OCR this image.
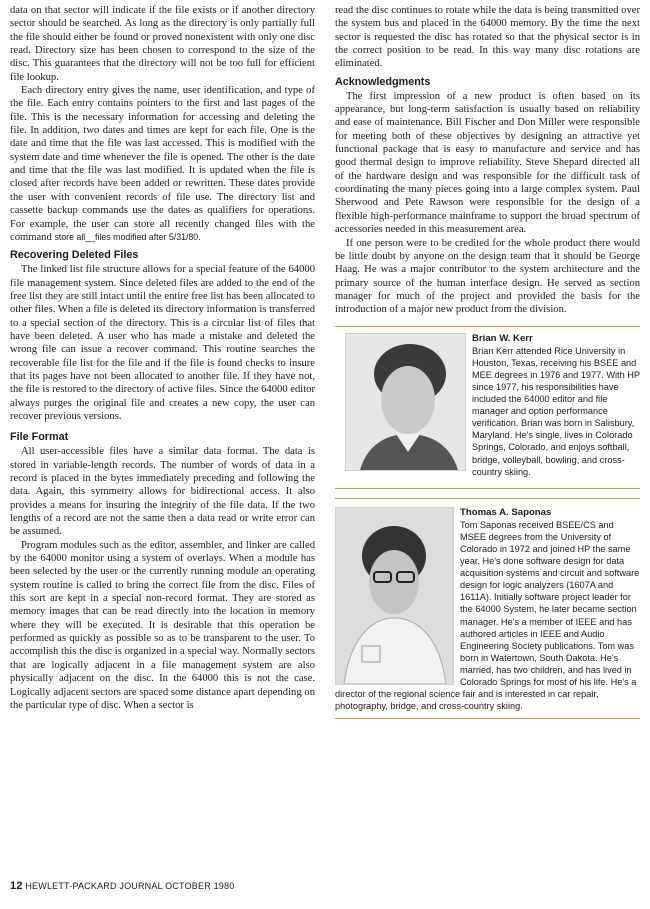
data on that sector will indicate if the file exists or if another directory sector should be searched. As long as the directory is only partially full the file should either be found or proved nonexistent with only one disc read. Directory size has been chosen to correspond to the size of the disc. This guarantees that the directory will not be too full for efficient file lookup.

Each directory entry gives the name, user identification, and type of the file. Each entry contains pointers to the first and last pages of the file. This is the necessary information for accessing and deleting the file. In addition, two dates and times are kept for each file. One is the date and time that the file was last accessed. This is modified with the system date and time whenever the file is opened. The other is the date and time that the file was last modified. It is updated when the file is closed after records have been added or rewritten. These dates provide the user with convenient records of file use. The directory list and cassette backup commands use the dates as qualifiers for operations. For example, the user can store all recently changed files with the command store all__files modified after 5/31/80.

Recovering Deleted Files

The linked list file structure allows for a special feature of the 64000 file management system. Since deleted files are added to the end of the free list they are still intact until the entire free list has been allocated to other files. When a file is deleted its directory information is transferred to a special section of the directory. This is a circular list of files that have been deleted. A user who has made a mistake and deleted the wrong file can issue a recover command. This routine searches the recoverable file list for the file and if the file is found checks to insure that its pages have not been allocated to another file. If they have not, the file is restored to the directory of active files. Since the 64000 editor always purges the original file and creates a new copy, the user can recover previous versions.

File Format

All user-accessible files have a similar data format. The data is stored in variable-length records. The number of words of data in a record is placed in the bytes immediately preceding and following the data. Again, this symmetry allows for bidirectional access. It also provides a means for insuring the integrity of the file data. If the two lengths of a record are not the same then a data read or write error can be assumed.

Program modules such as the editor, assembler, and linker are called by the 64000 monitor using a system of overlays. When a module has been selected by the user or the currently running module an operating system routine is called to bring the correct file from the disc. Files of this sort are kept in a special non-record format. They are stored as memory images that can be read directly into the location in memory where they will be executed. It is desirable that this operation be performed as quickly as possible so as to be transparent to the user. To accomplish this the disc is organized in a special way. Normally sectors that are logically adjacent in a file management system are also physically adjacent on the disc. In the 64000 this is not the case. Logically adjacent sectors are spaced some distance apart depending on the particular type of disc. When a sector is

read the disc continues to rotate while the data is being transmitted over the system bus and placed in the 64000 memory. By the time the next sector is requested the disc has rotated so that the physical sector is in the correct position to be read. In this way many disc rotations are eliminated.

Acknowledgments

The first impression of a new product is often based on its appearance, but long-term satisfaction is usually based on reliability and ease of maintenance. Bill Fischer and Don Miller were responsible for meeting both of these objectives by designing an attractive yet functional package that is easy to manufacture and service and has good thermal design to improve reliability. Steve Shepard directed all of the hardware design and was responsible for the difficult task of coordinating the many pieces going into a large complex system. Paul Sherwood and Pete Rawson were responsible for the design of a flexible high-performance mainframe to support the broad spectrum of accessories needed in this measurement area.

If one person were to be credited for the whole product there would be little doubt by anyone on the design team that it should be George Haag. He was a major contributor to the system architecture and the primary source of the human interface design. He served as section manager for much of the project and provided the basis for the introduction of a major new product from the division.

Brian W. Kerr
Brian Kerr attended Rice University in Houston, Texas, receiving his BSEE and MEE degrees in 1976 and 1977. With HP since 1977, his responsibilities have included the 64000 editor and file manager and option performance verification. Brian was born in Salisbury, Maryland. He's single, lives in Colorado Springs, Colorado, and enjoys softball, bridge, volleyball, bowling, and cross-country skiing.
Thomas A. Saponas
Tom Saponas received BSEE/CS and MSEE degrees from the University of Colorado in 1972 and joined HP the same year. He's done software design for data acquisition systems and circuit and software design for logic analyzers (1607A and 1611A). Initially software project leader for the 64000 System, he later became section manager. He's a member of IEEE and has authored articles in IEEE and Audio Engineering Society publications. Tom was born in Watertown, South Dakota. He's married, has two children, and has lived in Colorado Springs for most of his life. He's a director of the regional science fair and is interested in car repair, photography, bridge, and cross-country skiing.
12 HEWLETT-PACKARD JOURNAL OCTOBER 1980
